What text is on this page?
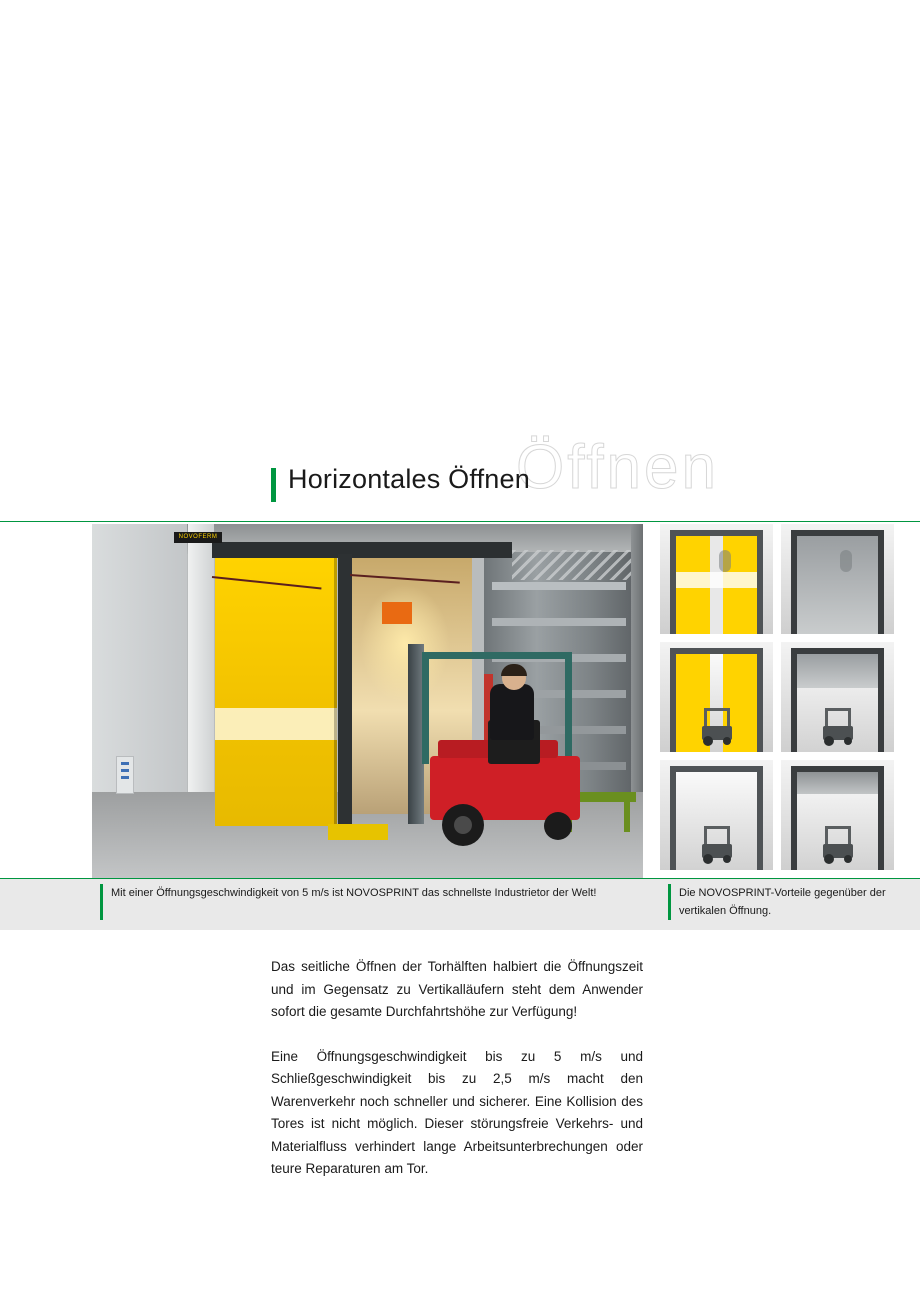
Öffnen
Horizontales Öffnen
NOVOFERM
Mit einer Öffnungsgeschwindigkeit von 5 m/s ist NOVOSPRINT das schnellste Industrietor der Welt!	Die NOVOSPRINT-Vorteile gegenüber der vertikalen Öffnung.

Das seitliche Öffnen der Torhälften halbiert die Öffnungszeit und im Gegensatz zu Vertikalläufern steht dem Anwender sofort die gesamte Durchfahrtshöhe zur Verfügung!

Eine Öffnungsgeschwindigkeit bis zu 5 m/s und Schließgeschwindigkeit bis zu 2,5 m/s macht den Warenverkehr noch schneller und sicherer. Eine Kollision des Tores ist nicht möglich. Dieser störungsfreie Verkehrs- und Materialfluss verhindert lange Arbeitsunterbrechungen oder teure Reparaturen am Tor.
